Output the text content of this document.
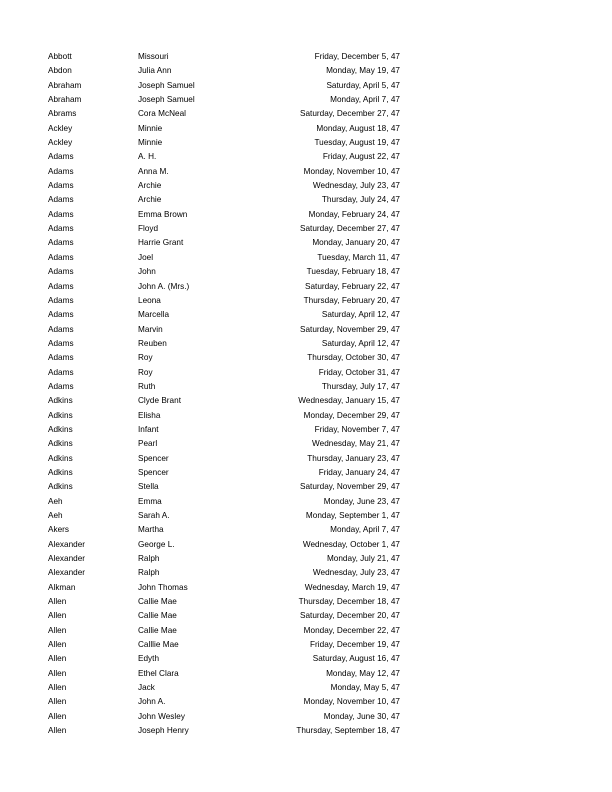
Abbott	Missouri	Friday, December 5, 47
Abdon	Julia Ann	Monday, May 19, 47
Abraham	Joseph Samuel	Saturday, April 5, 47
Abraham	Joseph Samuel	Monday, April 7, 47
Abrams	Cora McNeal	Saturday, December 27, 47
Ackley	Minnie	Monday, August 18, 47
Ackley	Minnie	Tuesday, August 19, 47
Adams	A. H.	Friday, August 22, 47
Adams	Anna M.	Monday, November 10, 47
Adams	Archie	Wednesday, July 23, 47
Adams	Archie	Thursday, July 24, 47
Adams	Emma Brown	Monday, February 24, 47
Adams	Floyd	Saturday, December 27, 47
Adams	Harrie Grant	Monday, January 20, 47
Adams	Joel	Tuesday, March 11, 47
Adams	John	Tuesday, February 18, 47
Adams	John A. (Mrs.)	Saturday, February 22, 47
Adams	Leona	Thursday, February 20, 47
Adams	Marcella	Saturday, April 12, 47
Adams	Marvin	Saturday, November 29, 47
Adams	Reuben	Saturday, April 12, 47
Adams	Roy	Thursday, October 30, 47
Adams	Roy	Friday, October 31, 47
Adams	Ruth	Thursday, July 17, 47
Adkins	Clyde Brant	Wednesday, January 15, 47
Adkins	Elisha	Monday, December 29, 47
Adkins	Infant	Friday, November 7, 47
Adkins	Pearl	Wednesday, May 21, 47
Adkins	Spencer	Thursday, January 23, 47
Adkins	Spencer	Friday, January 24, 47
Adkins	Stella	Saturday, November 29, 47
Aeh	Emma	Monday, June 23, 47
Aeh	Sarah A.	Monday, September 1, 47
Akers	Martha	Monday, April 7, 47
Alexander	George L.	Wednesday, October 1, 47
Alexander	Ralph	Monday, July 21, 47
Alexander	Ralph	Wednesday, July 23, 47
Alkman	John Thomas	Wednesday, March 19, 47
Allen	Callie Mae	Thursday, December 18, 47
Allen	Callie Mae	Saturday, December 20, 47
Allen	Callie Mae	Monday, December 22, 47
Allen	Calllie Mae	Friday, December 19, 47
Allen	Edyth	Saturday, August 16, 47
Allen	Ethel Clara	Monday, May 12, 47
Allen	Jack	Monday, May 5, 47
Allen	John A.	Monday, November 10, 47
Allen	John Wesley	Monday, June 30, 47
Allen	Joseph Henry	Thursday, September 18, 47
